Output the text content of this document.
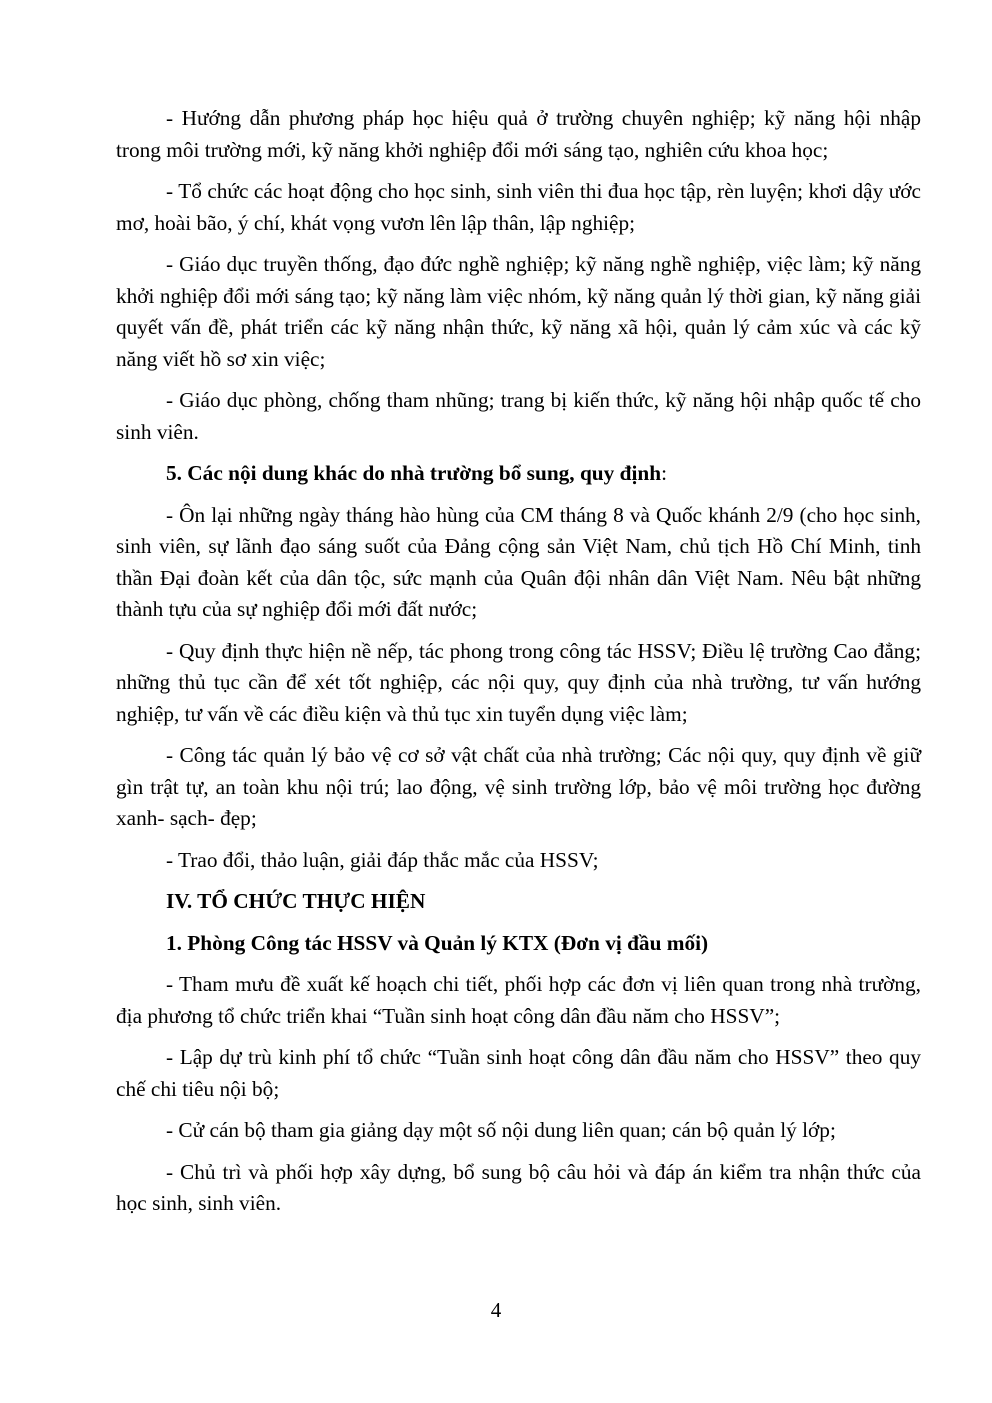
- Hướng dẫn phương pháp học hiệu quả ở trường chuyên nghiệp; kỹ năng hội nhập trong môi trường mới, kỹ năng khởi nghiệp đổi mới sáng tạo, nghiên cứu khoa học;

- Tổ chức các hoạt động cho học sinh, sinh viên thi đua học tập, rèn luyện; khơi dậy ước mơ, hoài bão, ý chí, khát vọng vươn lên lập thân, lập nghiệp;

- Giáo dục truyền thống, đạo đức nghề nghiệp; kỹ năng nghề nghiệp, việc làm; kỹ năng khởi nghiệp đổi mới sáng tạo; kỹ năng làm việc nhóm, kỹ năng quản lý thời gian, kỹ năng giải quyết vấn đề, phát triển các kỹ năng nhận thức, kỹ năng xã hội, quản lý cảm xúc và các kỹ năng viết hồ sơ xin việc;

- Giáo dục phòng, chống tham nhũng; trang bị kiến thức, kỹ năng hội nhập quốc tế cho sinh viên.

5. Các nội dung khác do nhà trường bổ sung, quy định:

- Ôn lại những ngày tháng hào hùng của CM tháng 8 và Quốc khánh 2/9 (cho học sinh, sinh viên, sự lãnh đạo sáng suốt của Đảng cộng sản Việt Nam, chủ tịch Hồ Chí Minh, tinh thần Đại đoàn kết của dân tộc, sức mạnh của Quân đội nhân dân Việt Nam. Nêu bật những thành tựu của sự nghiệp đổi mới đất nước;

- Quy định thực hiện nề nếp, tác phong trong công tác HSSV; Điều lệ trường Cao đẳng; những thủ tục cần để xét tốt nghiệp, các nội quy, quy định của nhà trường, tư vấn hướng nghiệp, tư vấn về các điều kiện và thủ tục xin tuyển dụng việc làm;

- Công tác quản lý bảo vệ cơ sở vật chất của nhà trường; Các nội quy, quy định về giữ gìn trật tự, an toàn khu nội trú; lao động, vệ sinh trường lớp, bảo vệ môi trường học đường xanh- sạch- đẹp;

- Trao đổi, thảo luận, giải đáp thắc mắc của HSSV;

IV. TỔ CHỨC THỰC HIỆN

1. Phòng Công tác HSSV và Quản lý KTX (Đơn vị đầu mối)

- Tham mưu đề xuất kế hoạch chi tiết, phối hợp các đơn vị liên quan trong nhà trường, địa phương tổ chức triển khai “Tuần sinh hoạt công dân đầu năm cho HSSV”;

- Lập dự trù kinh phí tổ chức “Tuần sinh hoạt công dân đầu năm cho HSSV” theo quy chế chi tiêu nội bộ;

- Cử cán bộ tham gia giảng dạy một số nội dung liên quan; cán bộ quản lý lớp;

- Chủ trì và phối hợp xây dựng, bổ sung bộ câu hỏi và đáp án kiểm tra nhận thức của học sinh, sinh viên.

4
